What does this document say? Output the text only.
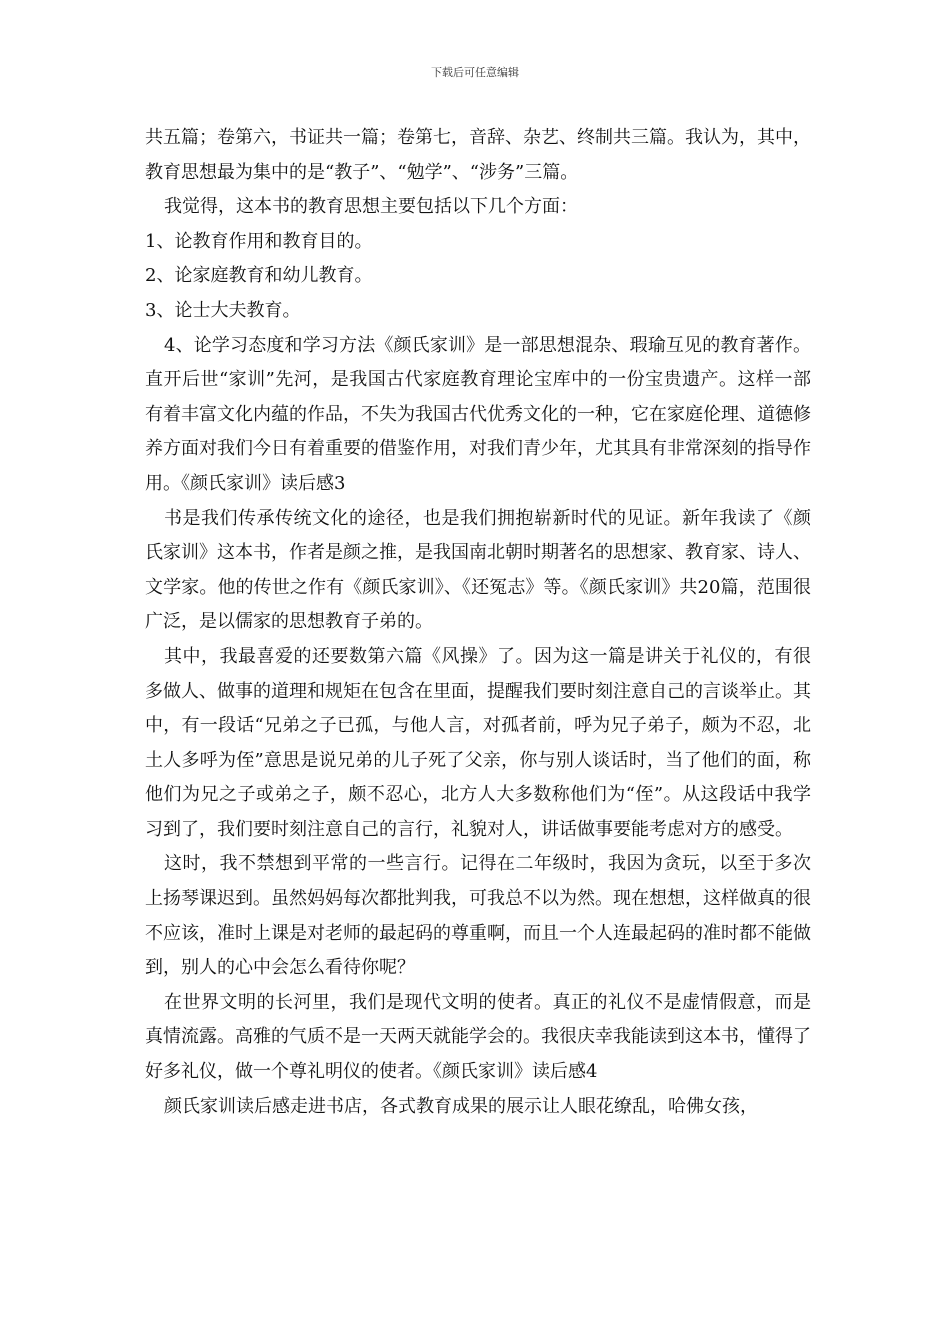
下载后可任意编辑

共五篇；卷第六，书证共一篇；卷第七，音辞、杂艺、终制共三篇。我认为，其中，教育思想最为集中的是“教子”、“勉学”、“涉务”三篇。

我觉得，这本书的教育思想主要包括以下几个方面：

1、论教育作用和教育目的。

2、论家庭教育和幼儿教育。

3、论士大夫教育。

4、论学习态度和学习方法《颜氏家训》是一部思想混杂、瑕瑜互见的教育著作。直开后世“家训”先河，是我国古代家庭教育理论宝库中的一份宝贵遗产。这样一部有着丰富文化内蕴的作品，不失为我国古代优秀文化的一种，它在家庭伦理、道德修养方面对我们今日有着重要的借鉴作用，对我们青少年，尤其具有非常深刻的指导作用。《颜氏家训》读后感3

书是我们传承传统文化的途径，也是我们拥抱崭新时代的见证。新年我读了《颜氏家训》这本书，作者是颜之推，是我国南北朝时期著名的思想家、教育家、诗人、文学家。他的传世之作有《颜氏家训》、《还冤志》等。《颜氏家训》共20篇，范围很广泛，是以儒家的思想教育子弟的。

其中，我最喜爱的还要数第六篇《风操》了。因为这一篇是讲关于礼仪的，有很多做人、做事的道理和规矩在包含在里面，提醒我们要时刻注意自己的言谈举止。其中，有一段话“兄弟之子已孤，与他人言，对孤者前，呼为兄子弟子，颇为不忍，北土人多呼为侄”意思是说兄弟的儿子死了父亲，你与别人谈话时，当了他们的面，称他们为兄之子或弟之子，颇不忍心，北方人大多数称他们为“侄”。从这段话中我学习到了，我们要时刻注意自己的言行，礼貌对人，讲话做事要能考虑对方的感受。

这时，我不禁想到平常的一些言行。记得在二年级时，我因为贪玩，以至于多次上扬琴课迟到。虽然妈妈每次都批判我，可我总不以为然。现在想想，这样做真的很不应该，准时上课是对老师的最起码的尊重啊，而且一个人连最起码的准时都不能做到，别人的心中会怎么看待你呢？

在世界文明的长河里，我们是现代文明的使者。真正的礼仪不是虚情假意，而是真情流露。高雅的气质不是一天两天就能学会的。我很庆幸我能读到这本书，懂得了好多礼仪，做一个尊礼明仪的使者。《颜氏家训》读后感4

颜氏家训读后感走进书店，各式教育成果的展示让人眼花缭乱，哈佛女孩，
